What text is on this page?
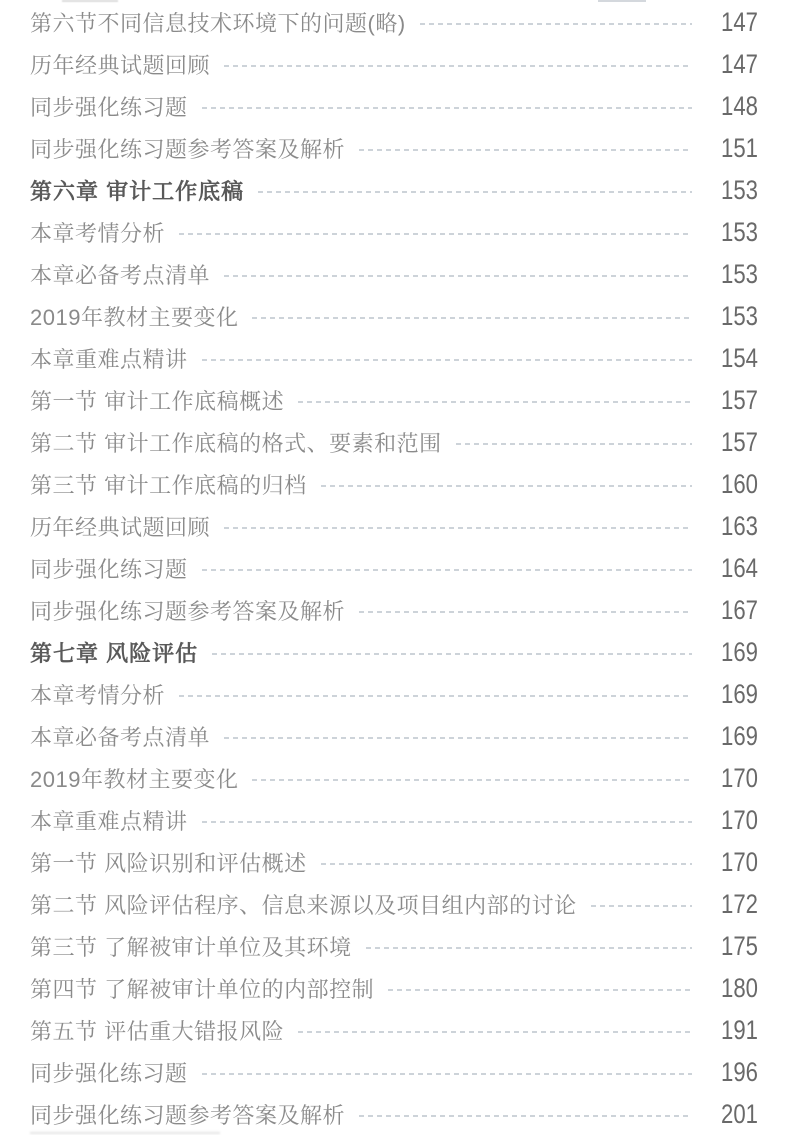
第六节不同信息技术环境下的问题(略)	147
历年经典试题回顾	147
同步强化练习题	148
同步强化练习题参考答案及解析	151
第六章 审计工作底稿	153
本章考情分析	153
本章必备考点清单	153
2019年教材主要变化	153
本章重难点精讲	154
第一节 审计工作底稿概述	157
第二节 审计工作底稿的格式、要素和范围	157
第三节 审计工作底稿的归档	160
历年经典试题回顾	163
同步强化练习题	164
同步强化练习题参考答案及解析	167
第七章 风险评估	169
本章考情分析	169
本章必备考点清单	169
2019年教材主要变化	170
本章重难点精讲	170
第一节 风险识别和评估概述	170
第二节 风险评估程序、信息来源以及项目组内部的讨论	172
第三节 了解被审计单位及其环境	175
第四节 了解被审计单位的内部控制	180
第五节 评估重大错报风险	191
同步强化练习题	196
同步强化练习题参考答案及解析	201
